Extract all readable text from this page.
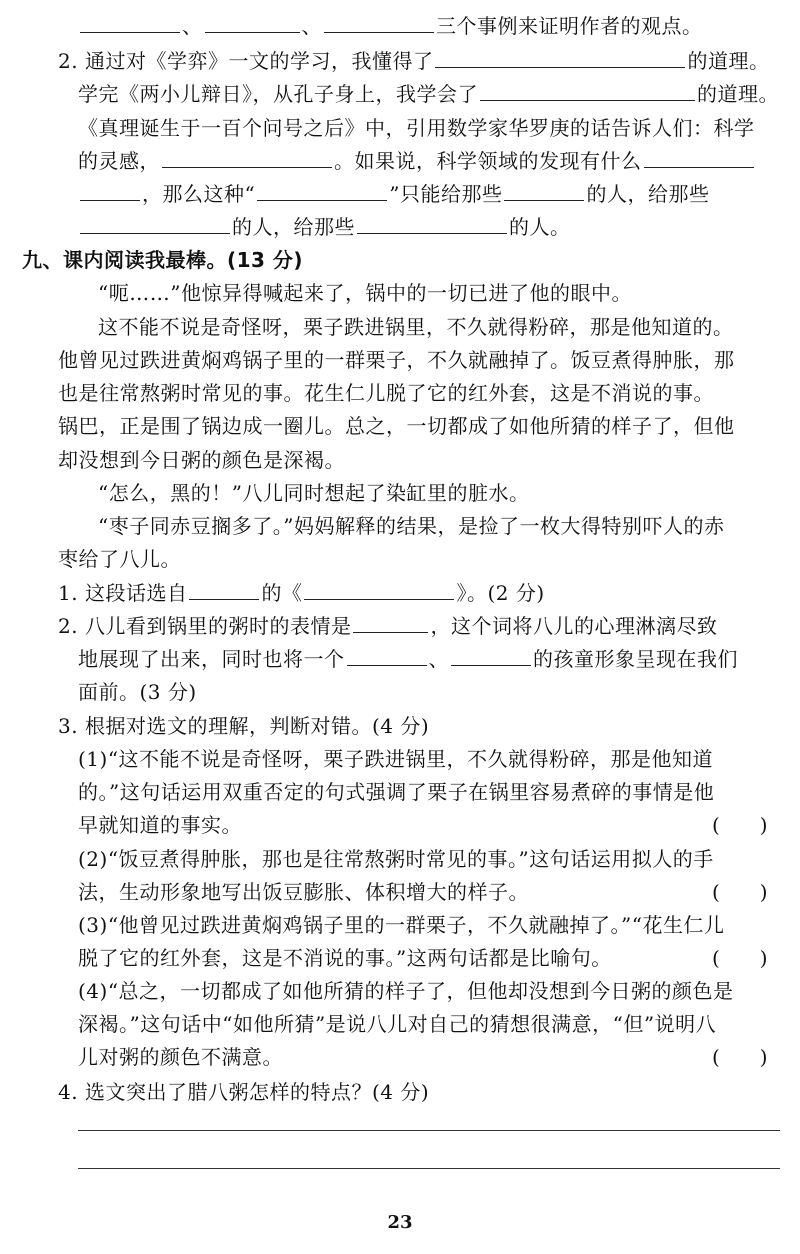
、	、	三个事例来证明作者的观点。
2. 通过对《学弈》一文的学习，我懂得了	的道理。
学完《两小儿辩日》，从孔子身上，我学会了	的道理。
《真理诞生于一百个问号之后》中，引用数学家华罗庚的话告诉人们：科学
的灵感，	。如果说，科学领域的发现有什么
，那么这种“	”只能给那些	的人，给那些
的人，给那些	的人。
九、课内阅读我最棒。(13 分)
“呃……”他惊异得喊起来了，锅中的一切已进了他的眼中。
这不能不说是奇怪呀，栗子跌进锅里，不久就得粉碎，那是他知道的。
他曾见过跌进黄焖鸡锅子里的一群栗子，不久就融掉了。饭豆煮得肿胀，那
也是往常熬粥时常见的事。花生仁儿脱了它的红外套，这是不消说的事。
锅巴，正是围了锅边成一圈儿。总之，一切都成了如他所猜的样子了，但他
却没想到今日粥的颜色是深褐。
“怎么，黑的！”八儿同时想起了染缸里的脏水。
“枣子同赤豆搁多了。”妈妈解释的结果，是捡了一枚大得特别吓人的赤
枣给了八儿。
1. 这段话选自	的《	》。(2 分)
2. 八儿看到锅里的粥时的表情是	，这个词将八儿的心理淋漓尽致
地展现了出来，同时也将一个	、	的孩童形象呈现在我们
面前。(3 分)
3. 根据对选文的理解，判断对错。(4 分)
(1)“这不能不说是奇怪呀，栗子跌进锅里，不久就得粉碎，那是他知道
的。”这句话运用双重否定的句式强调了栗子在锅里容易煮碎的事情是他
早就知道的事实。	(　　)
(2)“饭豆煮得肿胀，那也是往常熬粥时常见的事。”这句话运用拟人的手
法，生动形象地写出饭豆膨胀、体积增大的样子。	(　　)
(3)“他曾见过跌进黄焖鸡锅子里的一群栗子，不久就融掉了。”“花生仁儿
脱了它的红外套，这是不消说的事。”这两句话都是比喻句。	(　　)
(4)“总之，一切都成了如他所猜的样子了，但他却没想到今日粥的颜色是
深褐。”这句话中“如他所猜”是说八儿对自己的猜想很满意，“但”说明八
儿对粥的颜色不满意。	(　　)
4. 选文突出了腊八粥怎样的特点？(4 分)
23
